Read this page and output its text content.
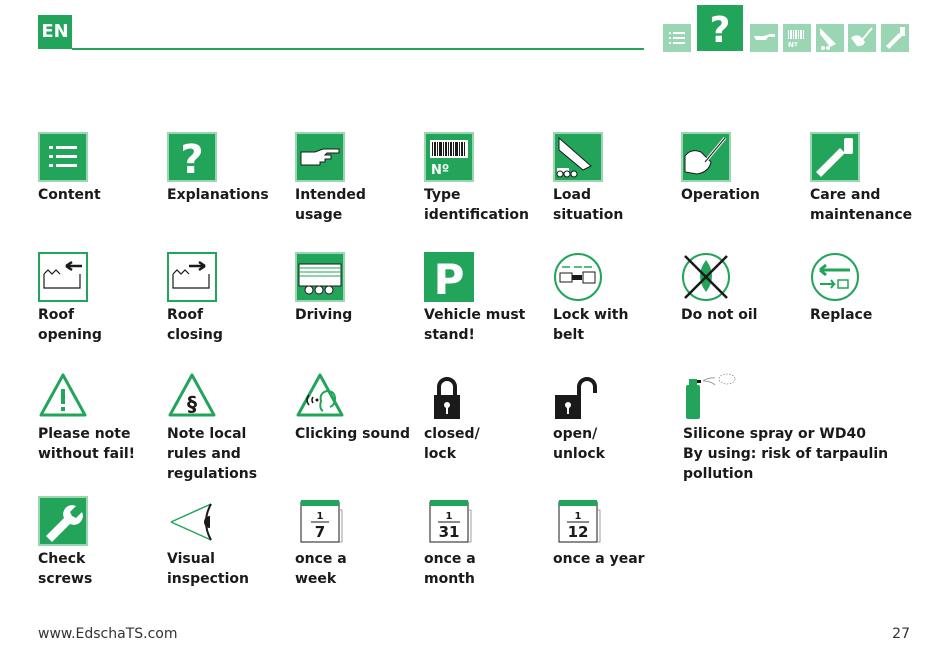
EN	?	Nº
Content
?
Explanations	Intended
usage
Nº
Type
identification
Load
situation
Operation	Care and
maintenance
Roof
opening
Roof
closing
Driving
P
Vehicle must
stand!
Lock with
belt
Do not oil	Replace
Please note
without fail!
§
Note local
rules and
regulations
Clicking sound closed/
lock
open/
unlock
Silicone spray or WD40
By using: risk of tarpaulin
pollution
Check
screws
Visual
inspection
1
7
once a
week
1
31
once a
month
1
12
once a year
www.EdschaTS.com	27
